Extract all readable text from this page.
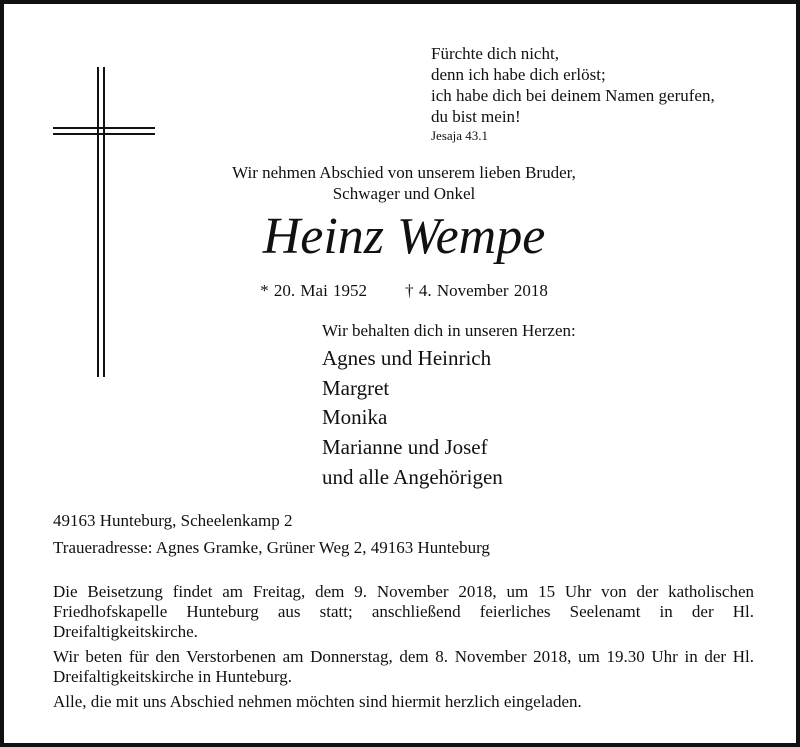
Fürchte dich nicht,
denn ich habe dich erlöst;
ich habe dich bei deinem Namen gerufen,
du bist mein!
Jesaja 43.1
Wir nehmen Abschied von unserem lieben Bruder,
Schwager und Onkel
Heinz Wempe
* 20. Mai 1952 † 4. November 2018
Wir behalten dich in unseren Herzen:
Agnes und Heinrich
Margret
Monika
Marianne und Josef
und alle Angehörigen
49163 Hunteburg, Scheelenkamp 2
Traueradresse: Agnes Gramke, Grüner Weg 2, 49163 Hunteburg

Die Beisetzung findet am Freitag, dem 9. November 2018, um 15 Uhr von der katholischen Friedhofskapelle Hunteburg aus statt; anschließend feierliches Seelenamt in der Hl. Dreifaltigkeitskirche.

Wir beten für den Verstorbenen am Donnerstag, dem 8. November 2018, um 19.30 Uhr in der Hl. Dreifaltigkeitskirche in Hunteburg.

Alle, die mit uns Abschied nehmen möchten sind hiermit herzlich eingeladen.
